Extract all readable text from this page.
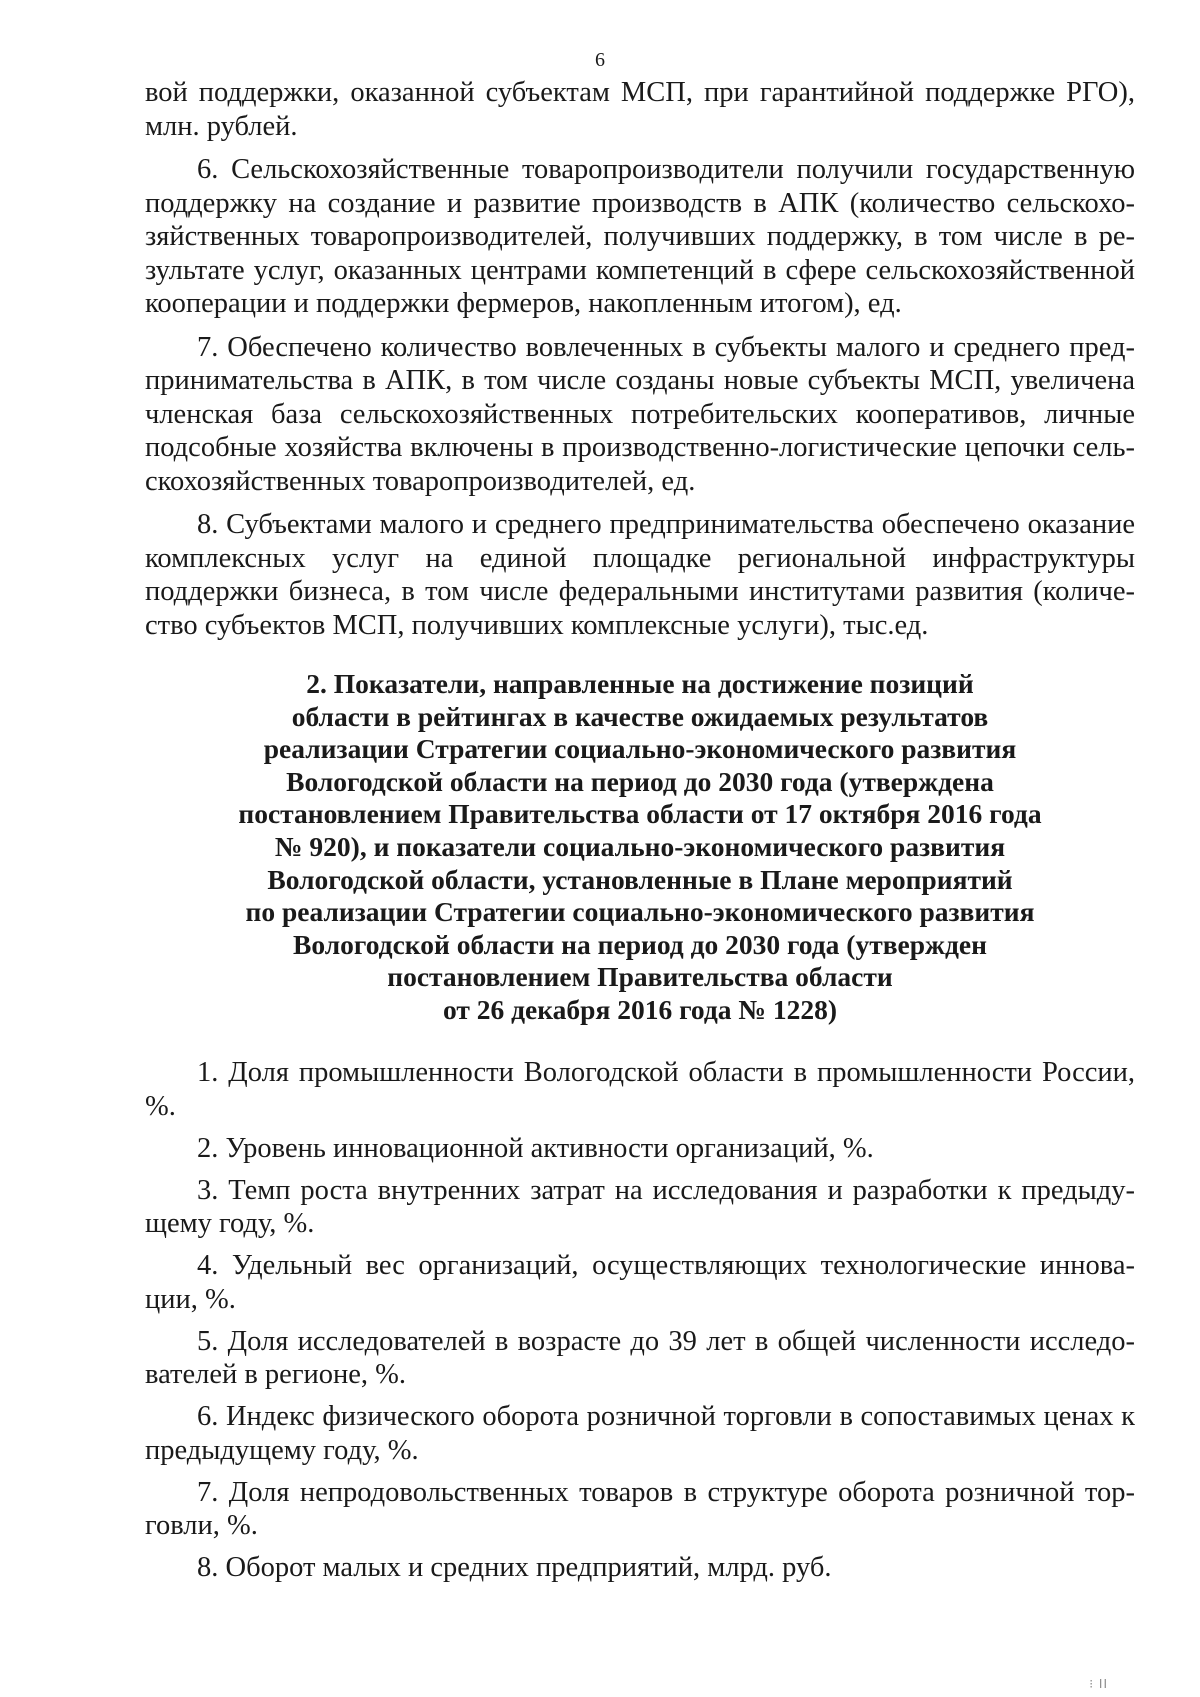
6

вой поддержки, оказанной субъектам МСП, при гарантийной поддержке РГО), млн. рублей.

6. Сельскохозяйственные товаропроизводители получили государственную поддержку на создание и развитие производств в АПК (количество сельскохозяйственных товаропроизводителей, получивших поддержку, в том числе в результате услуг, оказанных центрами компетенций в сфере сельскохозяйственной кооперации и поддержки фермеров, накопленным итогом), ед.

7. Обеспечено количество вовлеченных в субъекты малого и среднего предпринимательства в АПК, в том числе созданы новые субъекты МСП, увеличена членская база сельскохозяйственных потребительских кооперативов, личные подсобные хозяйства включены в производственно-логистические цепочки сельскохозяйственных товаропроизводителей, ед.

8. Субъектами малого и среднего предпринимательства обеспечено оказание комплексных услуг на единой площадке региональной инфраструктуры поддержки бизнеса, в том числе федеральными институтами развития (количество субъектов МСП, получивших комплексные услуги), тыс.ед.

2. Показатели, направленные на достижение позиций
области в рейтингах в качестве ожидаемых результатов
реализации Стратегии социально-экономического развития
Вологодской области на период до 2030 года (утверждена
постановлением Правительства области от 17 октября 2016 года
№ 920), и показатели социально-экономического развития
Вологодской области, установленные в Плане мероприятий
по реализации Стратегии социально-экономического развития
Вологодской области на период до 2030 года (утвержден
постановлением Правительства области
от 26 декабря 2016 года № 1228)

1. Доля промышленности Вологодской области в промышленности России, %.

2. Уровень инновационной активности организаций, %.

3. Темп роста внутренних затрат на исследования и разработки к предыдущему году, %.

4. Удельный вес организаций, осуществляющих технологические инновации, %.

5. Доля исследователей в возрасте до 39 лет в общей численности исследователей в регионе, %.

6. Индекс физического оборота розничной торговли в сопоставимых ценах к предыдущему году, %.

7. Доля непродовольственных товаров в структуре оборота розничной торговли, %.

8. Оборот малых и средних предприятий, млрд. руб.

⁝ II
